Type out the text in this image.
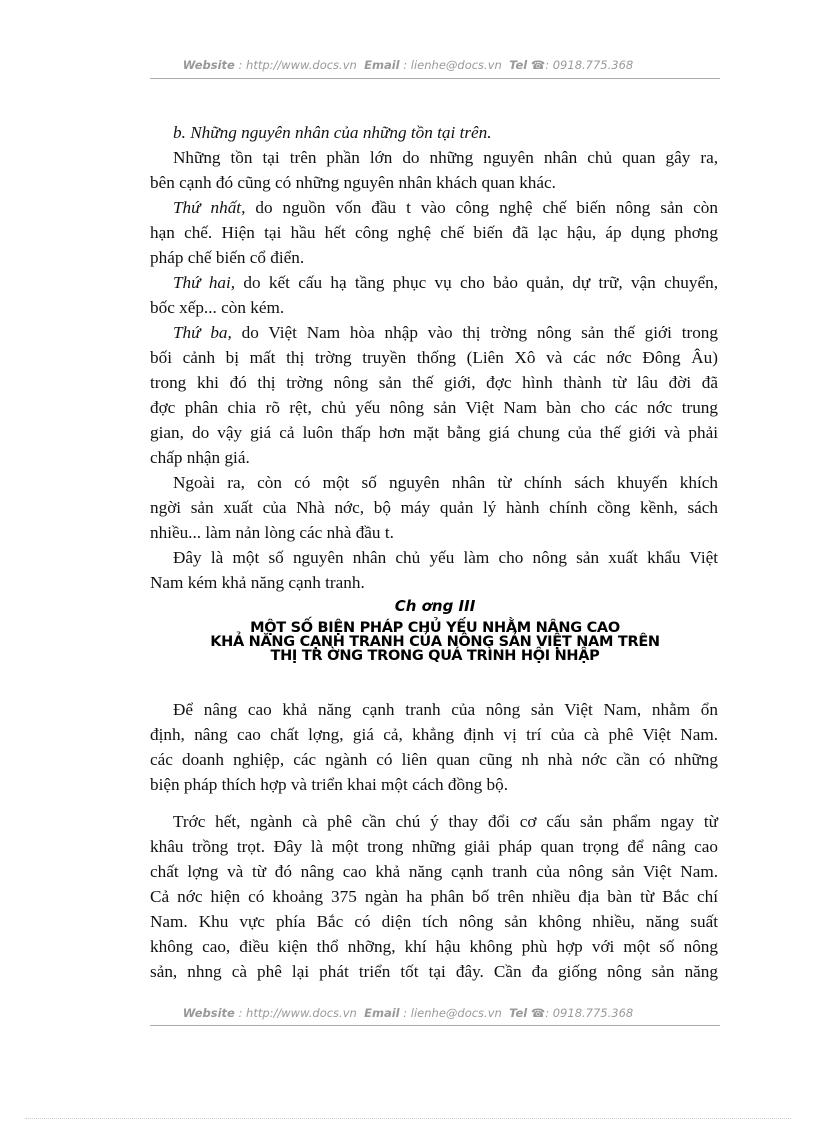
Website : http://www.docs.vn Email : lienhe@docs.vn Tel ☎: 0918.775.368
b. Những nguyên nhân của những tồn tại trên.
Những tồn tại trên phần lớn do những nguyên nhân chủ quan gây ra,
bên cạnh đó cũng có những nguyên nhân khách quan khác.
Thứ nhất, do nguồn vốn đầu t vào công nghệ chế biến nông sản còn
hạn chế. Hiện tại hầu hết công nghệ chế biến đã lạc hậu, áp dụng phơng
pháp chế biến cổ điển.
Thứ hai, do kết cấu hạ tầng phục vụ cho bảo quản, dự trữ, vận chuyển,
bốc xếp... còn kém.
Thứ ba, do Việt Nam hòa nhập vào thị trờng nông sản thế giới trong
bối cảnh bị mất thị trờng truyền thống (Liên Xô và các nớc Đông Âu)
trong khi đó thị trờng nông sản thế giới, đợc hình thành từ lâu đời đã
đợc phân chia rõ rệt, chủ yếu nông sản Việt Nam bàn cho các nớc trung
gian, do vậy giá cả luôn thấp hơn mặt bằng giá chung của thế giới và phải
chấp nhận giá.
Ngoài ra, còn có một số nguyên nhân từ chính sách khuyến khích
ngời sản xuất của Nhà nớc, bộ máy quản lý hành chính cồng kềnh, sách
nhiều... làm nản lòng các nhà đầu t.
Đây là một số nguyên nhân chủ yếu làm cho nông sản xuất khẩu Việt
Nam kém khả năng cạnh tranh.
Ch ơng III
MỘT SỐ BIỆN PHÁP CHỦ YẾU NHẰM NÂNG CAO
KHẢ NĂNG CẠNH TRANH CỦA NÔNG SẢN VIỆT NAM TRÊN
THỊ TR ỜNG TRONG QUÁ TRÌNH HỘI NHẬP
Để nâng cao khả năng cạnh tranh của nông sản Việt Nam, nhằm ổn
định, nâng cao chất lợng, giá cả, khẳng định vị trí của cà phê Việt Nam.
các doanh nghiệp, các ngành có liên quan cũng nh nhà nớc cần có những
biện pháp thích hợp và triển khai một cách đồng bộ.
Trớc hết, ngành cà phê cần chú ý thay đổi cơ cấu sản phẩm ngay từ
khâu trồng trọt. Đây là một trong những giải pháp quan trọng để nâng cao
chất lợng và từ đó nâng cao khả năng cạnh tranh của nông sản Việt Nam.
Cả nớc hiện có khoảng 375 ngàn ha phân bố trên nhiều địa bàn từ Bắc chí
Nam. Khu vực phía Bắc có diện tích nông sản không nhiều, năng suất
không cao, điều kiện thổ nhỡng, khí hậu không phù hợp với một số nông
sản, nhng cà phê lại phát triển tốt tại đây. Cần đa giống nông sản năng
Website : http://www.docs.vn Email : lienhe@docs.vn Tel ☎: 0918.775.368
